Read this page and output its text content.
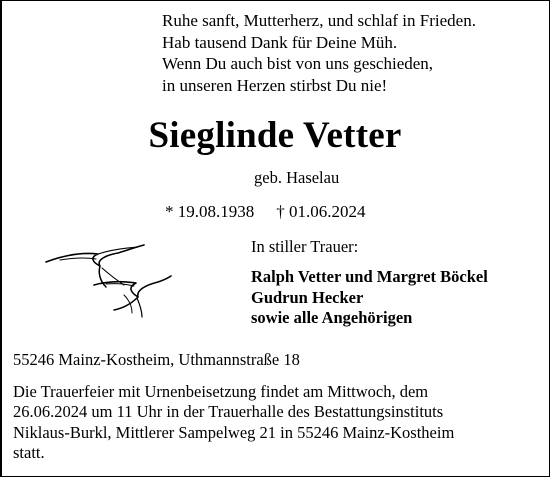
Ruhe sanft, Mutterherz, und schlaf in Frieden.
Hab tausend Dank für Deine Müh.
Wenn Du auch bist von uns geschieden,
in unseren Herzen stirbst Du nie!
Sieglinde Vetter
geb. Haselau
* 19.08.1938 † 01.06.2024
In stiller Trauer:
Ralph Vetter und Margret Böckel
Gudrun Hecker
sowie alle Angehörigen
55246 Mainz-Kostheim, Uthmannstraße 18
Die Trauerfeier mit Urnenbeisetzung findet am Mittwoch, dem
26.06.2024 um 11 Uhr in der Trauerhalle des Bestattungsinstituts
Niklaus-Burkl, Mittlerer Sampelweg 21 in 55246 Mainz-Kostheim
statt.
